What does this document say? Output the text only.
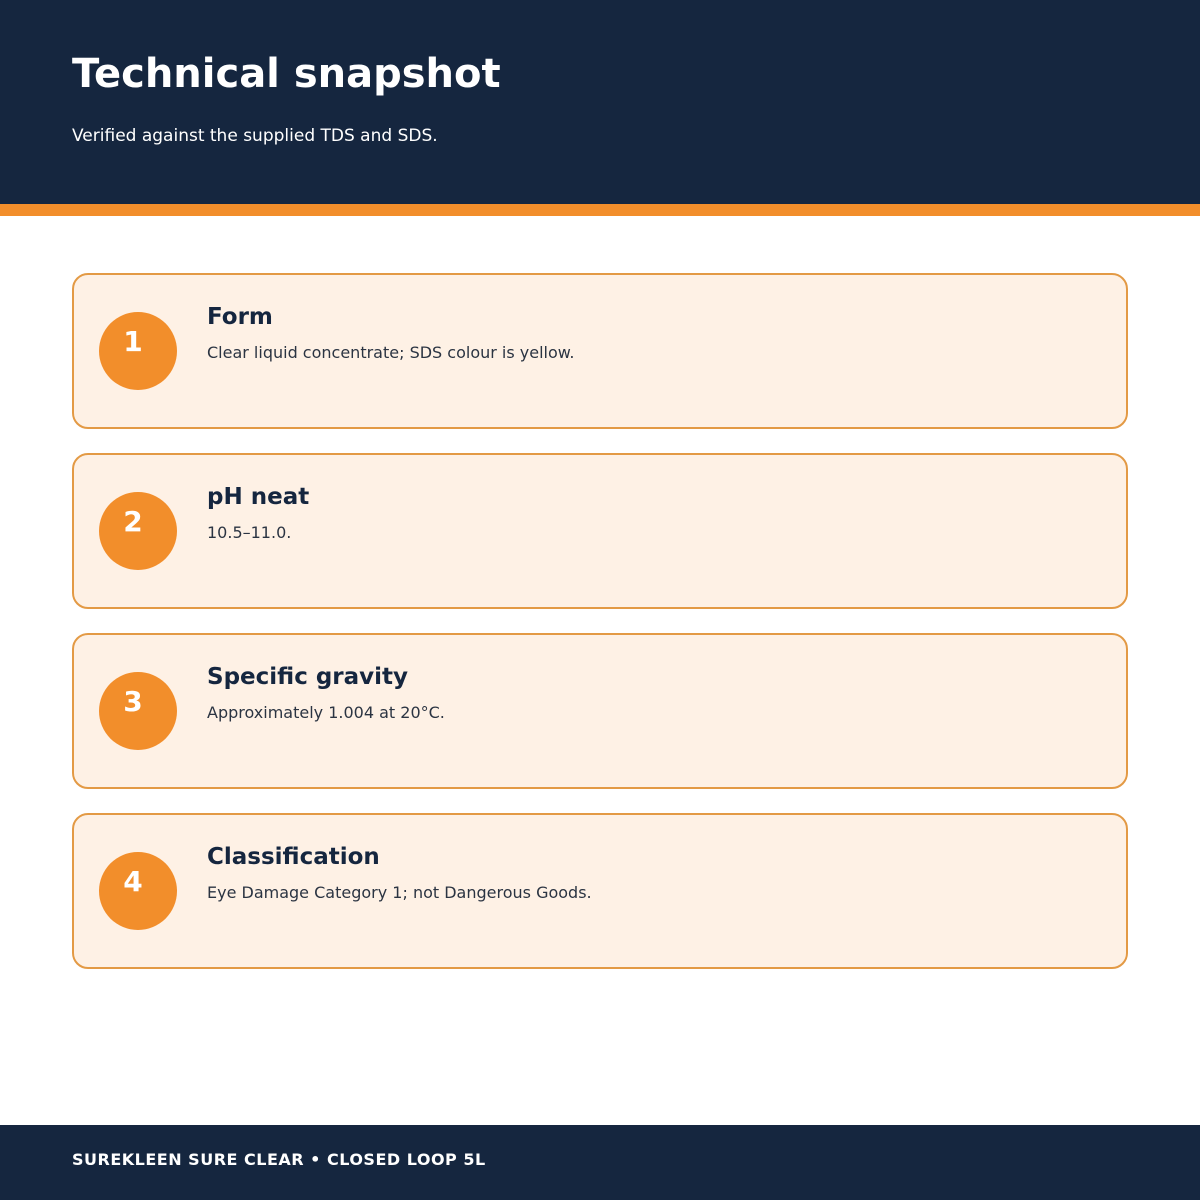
Technical snapshot

Verified against the supplied TDS and SDS.

1
Form

Clear liquid concentrate; SDS colour is yellow.

2
pH neat

10.5–11.0.

3
Specific gravity

Approximately 1.004 at 20°C.

4
Classification

Eye Damage Category 1; not Dangerous Goods.

SUREKLEEN SURE CLEAR • CLOSED LOOP 5L
